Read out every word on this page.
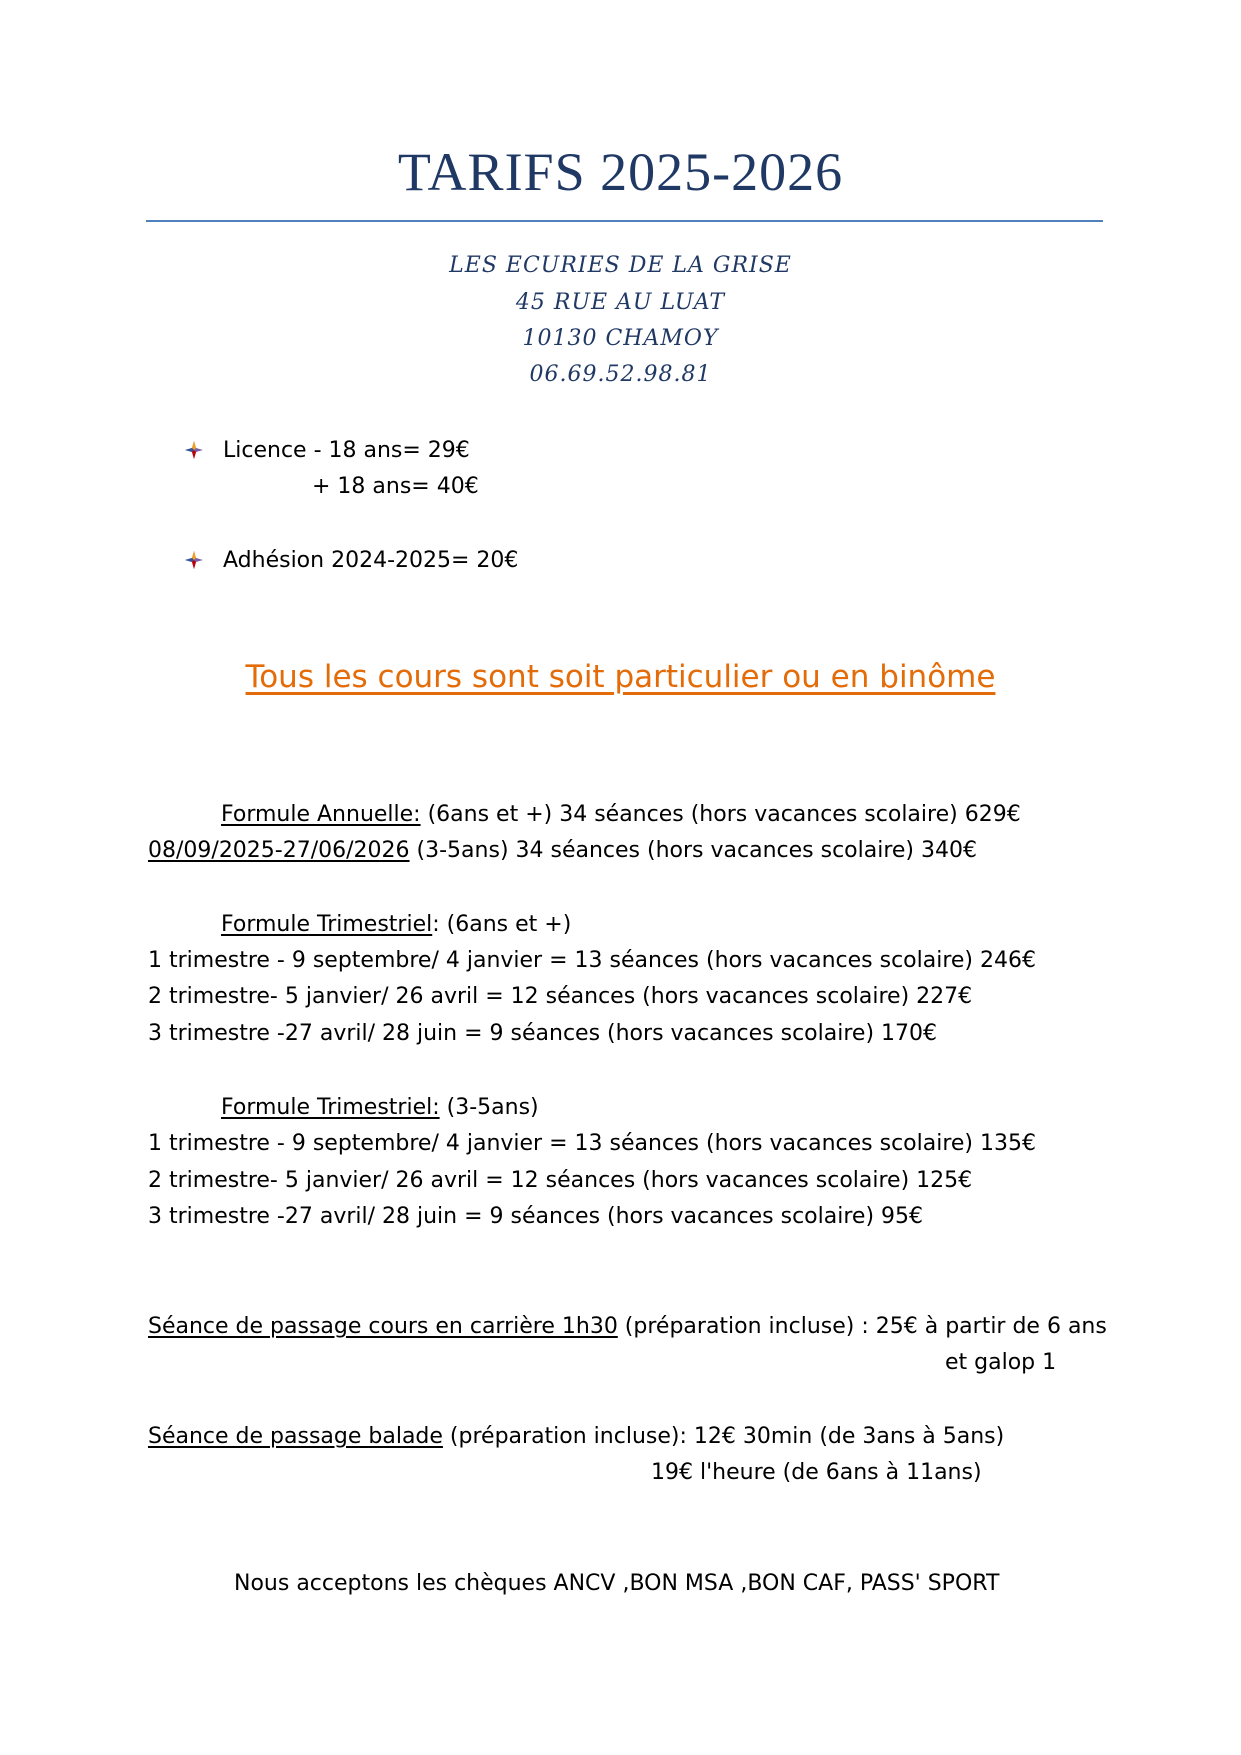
TARIFS 2025-2026
LES ECURIES DE LA GRISE
45 RUE AU LUAT
10130 CHAMOY
06.69.52.98.81
Licence - 18 ans= 29€
+ 18 ans= 40€
Adhésion 2024-2025= 20€
Tous les cours sont soit particulier ou en binôme
Formule Annuelle: (6ans et +) 34 séances (hors vacances scolaire) 629€
08/09/2025-27/06/2026 (3-5ans) 34 séances (hors vacances scolaire) 340€
Formule Trimestriel: (6ans et +)
1 trimestre - 9 septembre/ 4 janvier = 13 séances (hors vacances scolaire) 246€
2 trimestre- 5 janvier/ 26 avril = 12 séances (hors vacances scolaire) 227€
3 trimestre -27 avril/ 28 juin = 9 séances (hors vacances scolaire) 170€
Formule Trimestriel: (3-5ans)
1 trimestre - 9 septembre/ 4 janvier = 13 séances (hors vacances scolaire) 135€
2 trimestre- 5 janvier/ 26 avril = 12 séances (hors vacances scolaire) 125€
3 trimestre -27 avril/ 28 juin = 9 séances (hors vacances scolaire) 95€
Séance de passage cours en carrière 1h30 (préparation incluse) : 25€ à partir de 6 ans
et galop 1
Séance de passage balade (préparation incluse): 12€ 30min (de 3ans à 5ans)
19€ l'heure (de 6ans à 11ans)
Nous acceptons les chèques ANCV ,BON MSA ,BON CAF, PASS' SPORT
